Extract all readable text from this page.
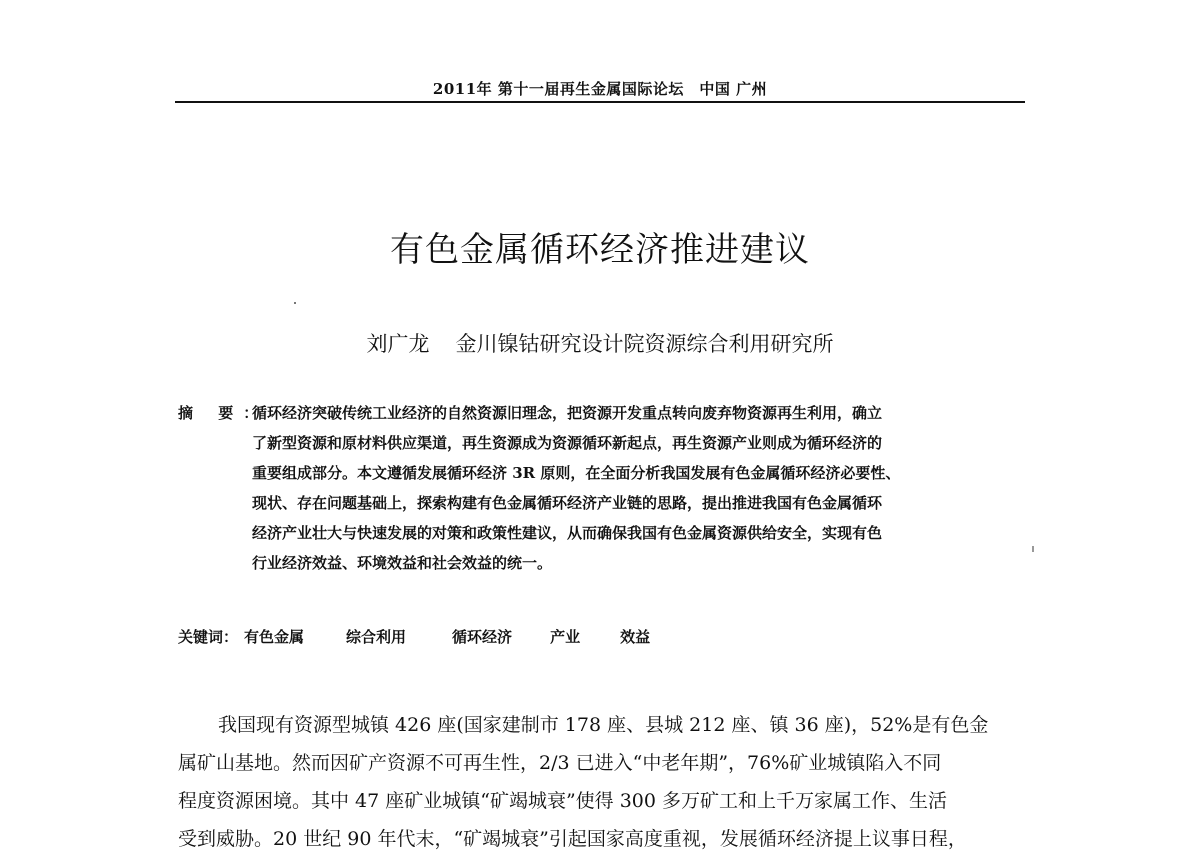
2011年 第十一届再生金属国际论坛　中国 广州
有色金属循环经济推进建议
刘广龙 金川镍钴研究设计院资源综合利用研究所
摘 要：
循环经济突破传统工业经济的自然资源旧理念，把资源开发重点转向废弃物资源再生利用，确立
了新型资源和原材料供应渠道，再生资源成为资源循环新起点，再生资源产业则成为循环经济的
重要组成部分。本文遵循发展循环经济 3R 原则，在全面分析我国发展有色金属循环经济必要性、
现状、存在问题基础上，探索构建有色金属循环经济产业链的思路，提出推进我国有色金属循环
经济产业壮大与快速发展的对策和政策性建议，从而确保我国有色金属资源供给安全，实现有色
行业经济效益、环境效益和社会效益的统一。
关键词： 有色金属	综合利用	循环经济	产业	效益
我国现有资源型城镇 426 座(国家建制市 178 座、县城 212 座、镇 36 座)，52%是有色金
属矿山基地。然而因矿产资源不可再生性，2/3 已进入“中老年期”，76%矿业城镇陷入不同
程度资源困境。其中 47 座矿业城镇“矿竭城衰”使得 300 多万矿工和上千万家属工作、生活
受到威胁。20 世纪 90 年代末，“矿竭城衰”引起国家高度重视，发展循环经济提上议事日程，
